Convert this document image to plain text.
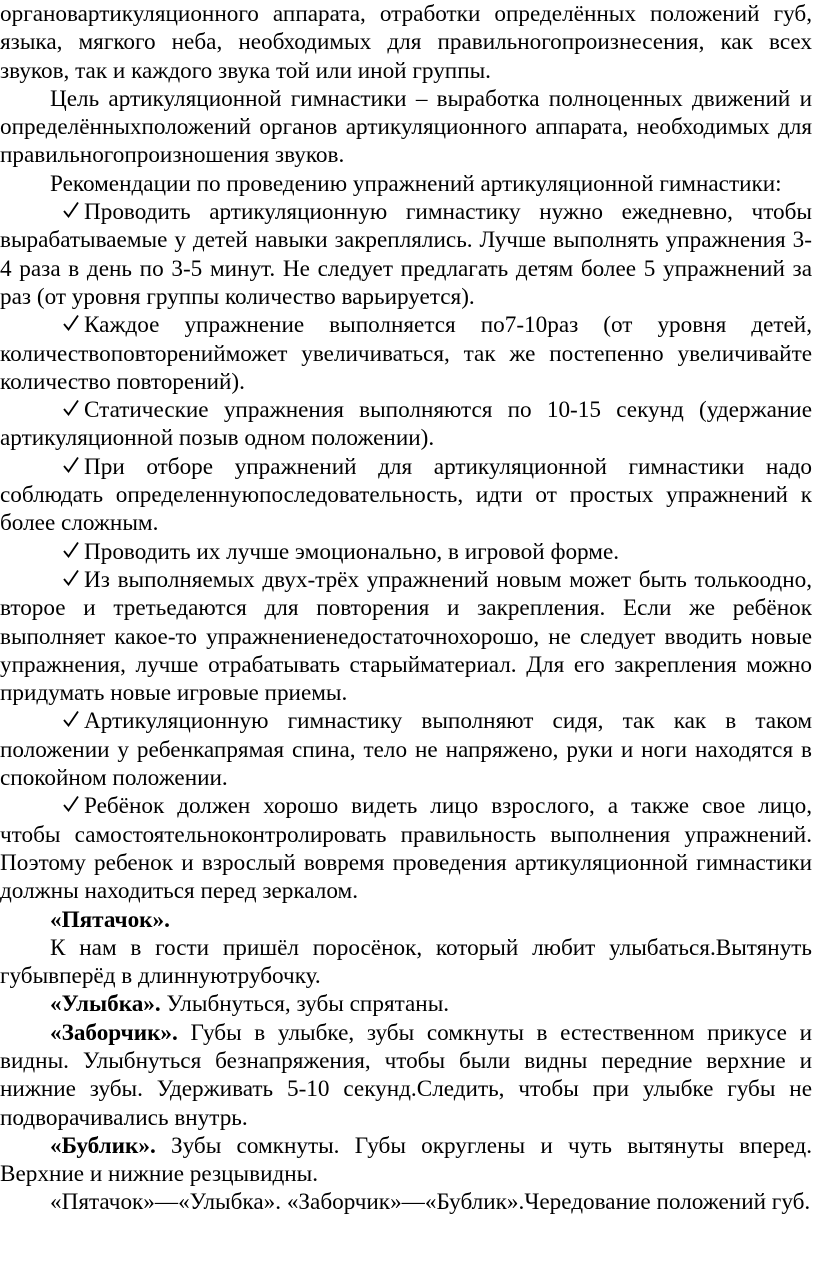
органовартикуляционного аппарата, отработки определённых положений губ, языка, мягкого неба, необходимых для правильногопроизнесения, как всех звуков, так и каждого звука той или иной группы.

Цель артикуляционной гимнастики – выработка полноценных движений и определённыхположений органов артикуляционного аппарата, необходимых для правильногопроизношения звуков.

Рекомендации по проведению упражнений артикуляционной гимнастики:

Проводить артикуляционную гимнастику нужно ежедневно, чтобы вырабатываемые у детей навыки закреплялись. Лучше выполнять упражнения 3-4 раза в день по 3-5 минут. Не следует предлагать детям более 5 упражнений за раз (от уровня группы количество варьируется).

Каждое упражнение выполняется по7-10раз (от уровня детей, количествоповторенийможет увеличиваться, так же постепенно увеличивайте количество повторений).

Статические упражнения выполняются по 10-15 секунд (удержание артикуляционной позыв одном положении).

При отборе упражнений для артикуляционной гимнастики надо соблюдать определеннуюпоследовательность, идти от простых упражнений к более сложным.

Проводить их лучше эмоционально, в игровой форме.

Из выполняемых двух-трёх упражнений новым может быть толькоодно, второе и третьедаются для повторения и закрепления. Если же ребёнок выполняет какое-то упражнениенедостаточнохорошо, не следует вводить новые упражнения, лучше отрабатывать старыйматериал. Для его закрепления можно придумать новые игровые приемы.

Артикуляционную гимнастику выполняют сидя, так как в таком положении у ребенкапрямая спина, тело не напряжено, руки и ноги находятся в спокойном положении.

Ребёнок должен хорошо видеть лицо взрослого, а также свое лицо, чтобы самостоятельноконтролировать правильность выполнения упражнений. Поэтому ребенок и взрослый вовремя проведения артикуляционной гимнастики должны находиться перед зеркалом.

«Пятачок».

К нам в гости пришёл поросёнок, который любит улыбаться.Вытянуть губывперёд в длиннуютрубочку.

«Улыбка». Улыбнуться, зубы спрятаны.

«Заборчик». Губы в улыбке, зубы сомкнуты в естественном прикусе и видны. Улыбнуться безнапряжения, чтобы были видны передние верхние и нижние зубы. Удерживать 5-10 секунд.Следить, чтобы при улыбке губы не подворачивались внутрь.

«Бублик». Зубы сомкнуты. Губы округлены и чуть вытянуты вперед. Верхние и нижние резцывидны.

«Пятачок»—«Улыбка». «Заборчик»—«Бублик».Чередование положений губ.
